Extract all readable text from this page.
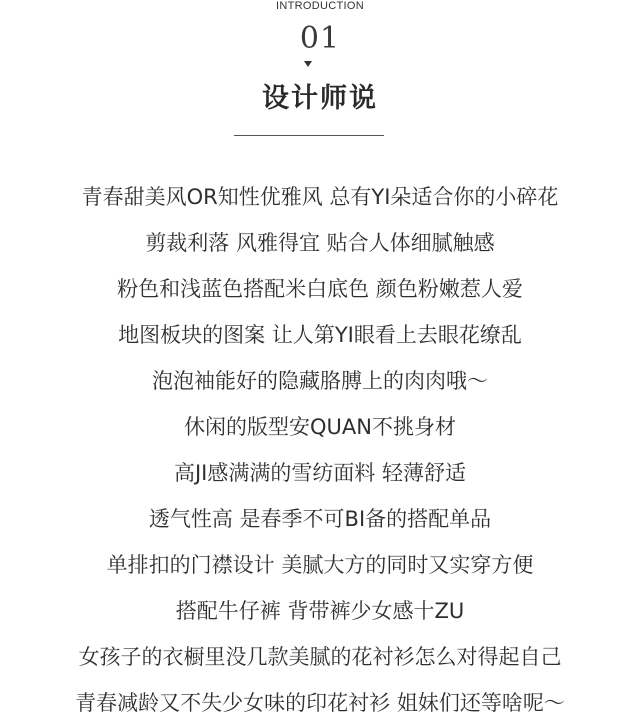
INTRODUCTION
01
设计师说
青春甜美风OR知性优雅风 总有YI朵适合你的小碎花
剪裁利落 风雅得宜 贴合人体细腻触感
粉色和浅蓝色搭配米白底色 颜色粉嫩惹人爱
地图板块的图案 让人第YI眼看上去眼花缭乱
泡泡袖能好的隐藏胳膊上的肉肉哦～
休闲的版型安QUAN不挑身材
高JI感满满的雪纺面料 轻薄舒适
透气性高 是春季不可BI备的搭配单品
单排扣的门襟设计 美腻大方的同时又实穿方便
搭配牛仔裤 背带裤少女感十ZU
女孩子的衣橱里没几款美腻的花衬衫怎么对得起自己
青春减龄又不失少女味的印花衬衫 姐妹们还等啥呢～
